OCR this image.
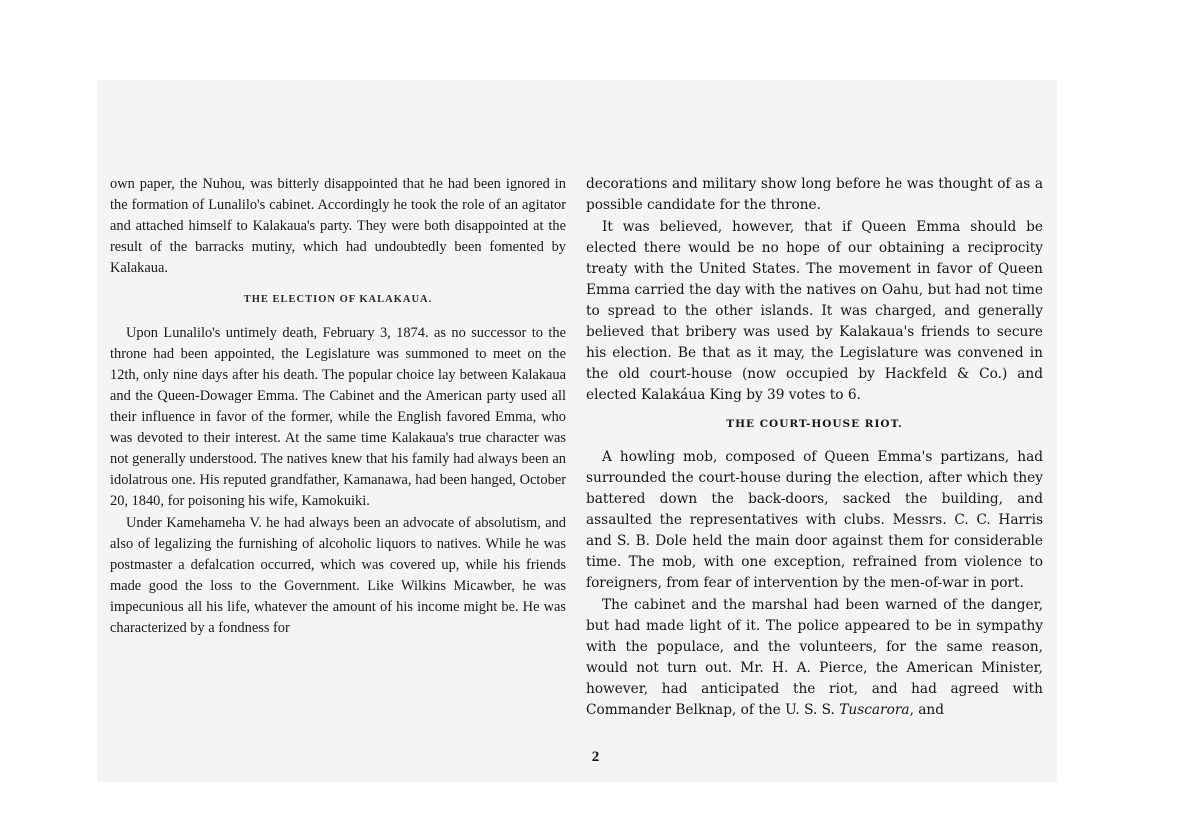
own paper, the Nuhou, was bitterly disappointed that he had been ignored in the formation of Lunalilo's cabinet. Accordingly he took the role of an agitator and attached himself to Kalakaua's party. They were both disappointed at the result of the barracks mutiny, which had undoubtedly been fomented by Kalakaua.

THE ELECTION OF KALAKAUA.

Upon Lunalilo's untimely death, February 3, 1874. as no successor to the throne had been appointed, the Legislature was summoned to meet on the 12th, only nine days after his death. The popular choice lay between Kalakaua and the Queen-Dowager Emma. The Cabinet and the American party used all their influence in favor of the former, while the English favored Emma, who was devoted to their interest. At the same time Kalakaua's true character was not generally understood. The natives knew that his family had always been an idolatrous one. His reputed grandfather, Kamanawa, had been hanged, October 20, 1840, for poisoning his wife, Kamokuiki.

Under Kamehameha V. he had always been an advocate of absolutism, and also of legalizing the furnishing of alcoholic liquors to natives. While he was postmaster a defalcation occurred, which was covered up, while his friends made good the loss to the Government. Like Wilkins Micawber, he was impecunious all his life, whatever the amount of his income might be. He was characterized by a fondness for

decorations and military show long before he was thought of as a possible candidate for the throne.

It was believed, however, that if Queen Emma should be elected there would be no hope of our obtaining a reciprocity treaty with the United States. The movement in favor of Queen Emma carried the day with the natives on Oahu, but had not time to spread to the other islands. It was charged, and generally believed that bribery was used by Kalakaua's friends to secure his election. Be that as it may, the Legislature was convened in the old court-house (now occupied by Hackfeld & Co.) and elected Kalakáua King by 39 votes to 6.

THE COURT-HOUSE RIOT.

A howling mob, composed of Queen Emma's partizans, had surrounded the court-house during the election, after which they battered down the back-doors, sacked the building, and assaulted the representatives with clubs. Messrs. C. C. Harris and S. B. Dole held the main door against them for considerable time. The mob, with one exception, refrained from violence to foreigners, from fear of intervention by the men-of-war in port.

The cabinet and the marshal had been warned of the danger, but had made light of it. The police appeared to be in sympathy with the populace, and the volunteers, for the same reason, would not turn out. Mr. H. A. Pierce, the American Minister, however, had anticipated the riot, and had agreed with Commander Belknap, of the U. S. S. Tuscarora, and

2
